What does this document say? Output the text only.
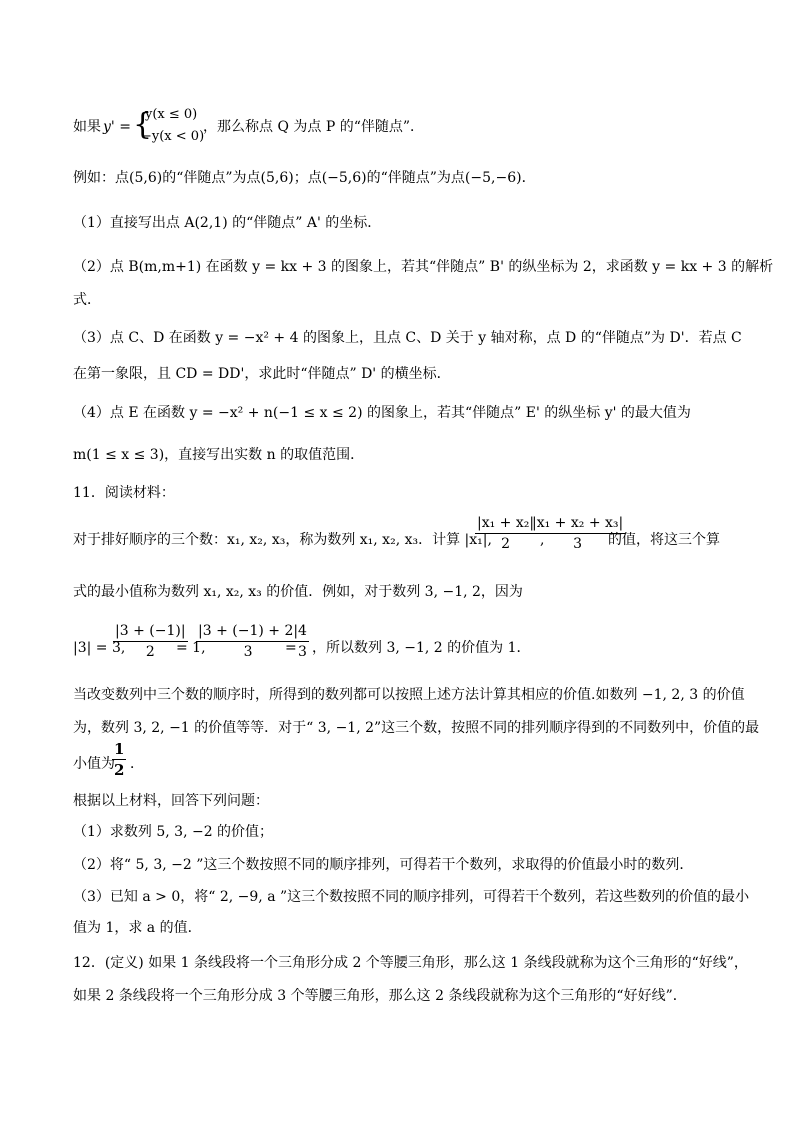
如果 y' = {
y(x ≤ 0)
−y(x < 0)
，那么称点 Q 为点 P 的“伴随点”．
例如：点(5,6)的“伴随点”为点(5,6)；点(−5,6)的“伴随点”为点(−5,−6)．
（1）直接写出点 A(2,1) 的“伴随点” A' 的坐标．
（2）点 B(m,m+1) 在函数 y = kx + 3 的图象上，若其“伴随点” B' 的纵坐标为 2，求函数 y = kx + 3 的解析
式．
（3）点 C、D 在函数 y = −x² + 4 的图象上，且点 C、D 关于 y 轴对称，点 D 的“伴随点”为 D'．若点 C
在第一象限，且 CD = DD'，求此时“伴随点” D' 的横坐标．
（4）点 E 在函数 y = −x² + n(−1 ≤ x ≤ 2) 的图象上，若其“伴随点” E' 的纵坐标 y' 的最大值为
m(1 ≤ x ≤ 3)，直接写出实数 n 的取值范围．
11．阅读材料：
对于排好顺序的三个数：x₁, x₂, x₃，称为数列 x₁, x₂, x₃．计算 |x₁|,
|x₁ + x₂|
2	,
|x₁ + x₂ + x₃|
3	的值，将这三个算
式的最小值称为数列 x₁, x₂, x₃ 的价值．例如，对于数列 3, −1, 2，因为
|3| = 3,
|3 + (−1)|
2	= 1,
|3 + (−1) + 2|
3	=
4
3 ，所以数列 3, −1, 2 的价值为 1．
当改变数列中三个数的顺序时，所得到的数列都可以按照上述方法计算其相应的价值.如数列 −1, 2, 3 的价值
为，数列 3, 2, −1 的价值等等．对于“ 3, −1, 2”这三个数，按照不同的排列顺序得到的不同数列中，价值的最
小值为
1
2 ．
根据以上材料，回答下列问题：
（1）求数列 5, 3, −2 的价值；
（2）将“ 5, 3, −2 ”这三个数按照不同的顺序排列，可得若干个数列，求取得的价值最小时的数列．
（3）已知 a > 0，将“ 2, −9, a ”这三个数按照不同的顺序排列，可得若干个数列，若这些数列的价值的最小
值为 1，求 a 的值．
12．(定义) 如果 1 条线段将一个三角形分成 2 个等腰三角形，那么这 1 条线段就称为这个三角形的“好线”，
如果 2 条线段将一个三角形分成 3 个等腰三角形，那么这 2 条线段就称为这个三角形的“好好线”．
